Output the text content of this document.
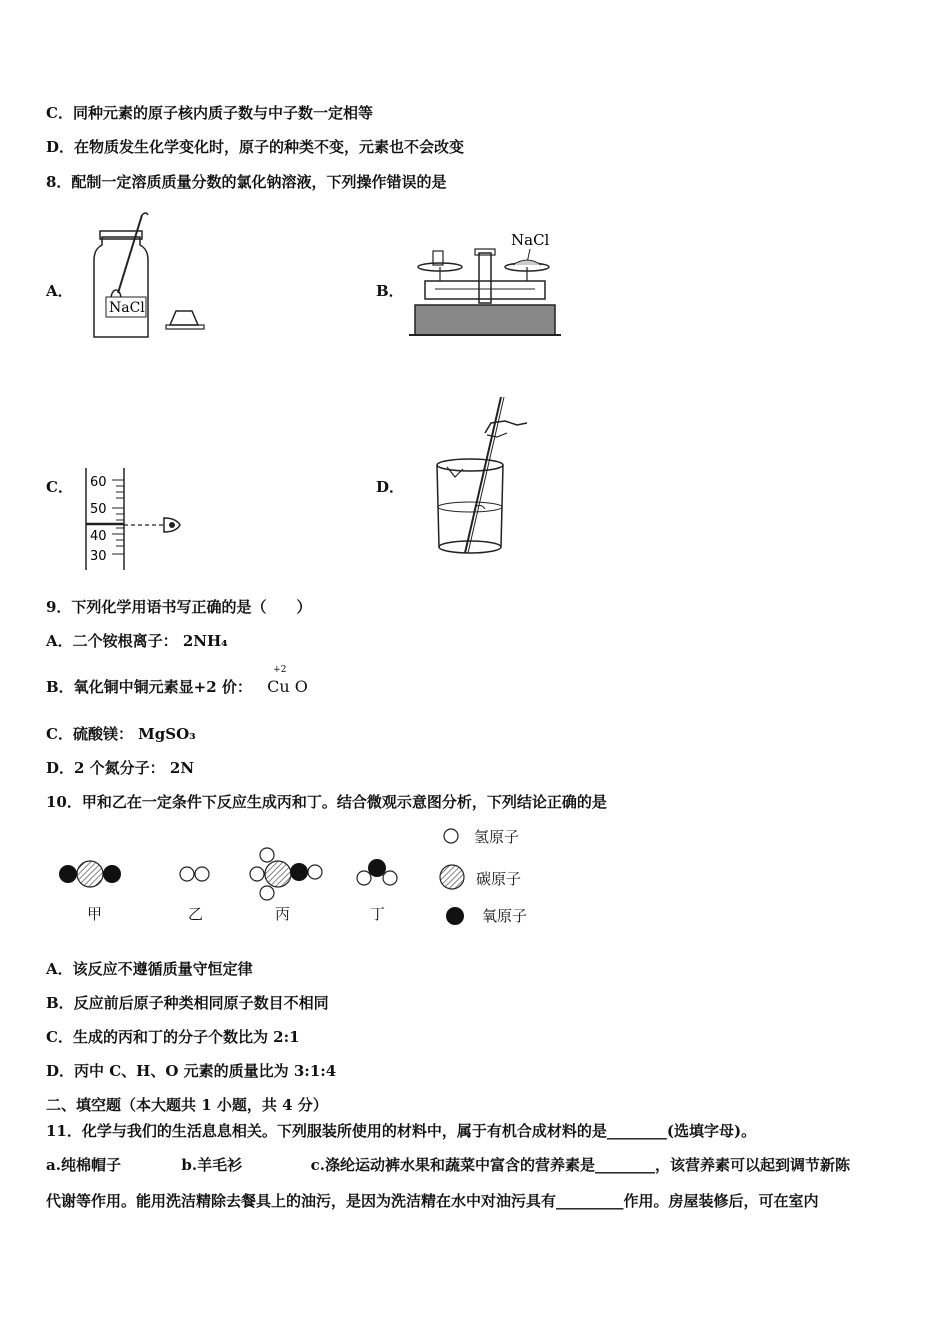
C．同种元素的原子核内质子数与中子数一定相等
D．在物质发生化学变化时，原子的种类不变，元素也不会改变
8．配制一定溶质质量分数的氯化钠溶液，下列操作错误的是
A．
NaCl
B．
NaCl
C． 60
50
40
30
D．
9．下列化学用语书写正确的是（　　）
A．二个铵根离子： 2NH₄
B．氧化铜中铜元素显+2 价：
+2
Cu O
C．硫酸镁： MgSO₃
D．2 个氮分子： 2N
10．甲和乙在一定条件下反应生成丙和丁。结合微观示意图分析，下列结论正确的是
甲	乙	丙	丁
氢原子
碳原子
氧原子
A．该反应不遵循质量守恒定律
B．反应前后原子种类相同原子数目不相同
C．生成的丙和丁的分子个数比为 2:1
D．丙中 C、H、O 元素的质量比为 3:1:4
二、填空题（本大题共 1 小题，共 4 分）
11．化学与我们的生活息息相关。下列服装所使用的材料中，属于有机合成材料的是________(选填字母)。
a.纯棉帽子	b.羊毛衫	c.涤纶运动裤水果和蔬菜中富含的营养素是________，该营养素可以起到调节新陈
代谢等作用。能用洗洁精除去餐具上的油污，是因为洗洁精在水中对油污具有_________作用。房屋装修后，可在室内
